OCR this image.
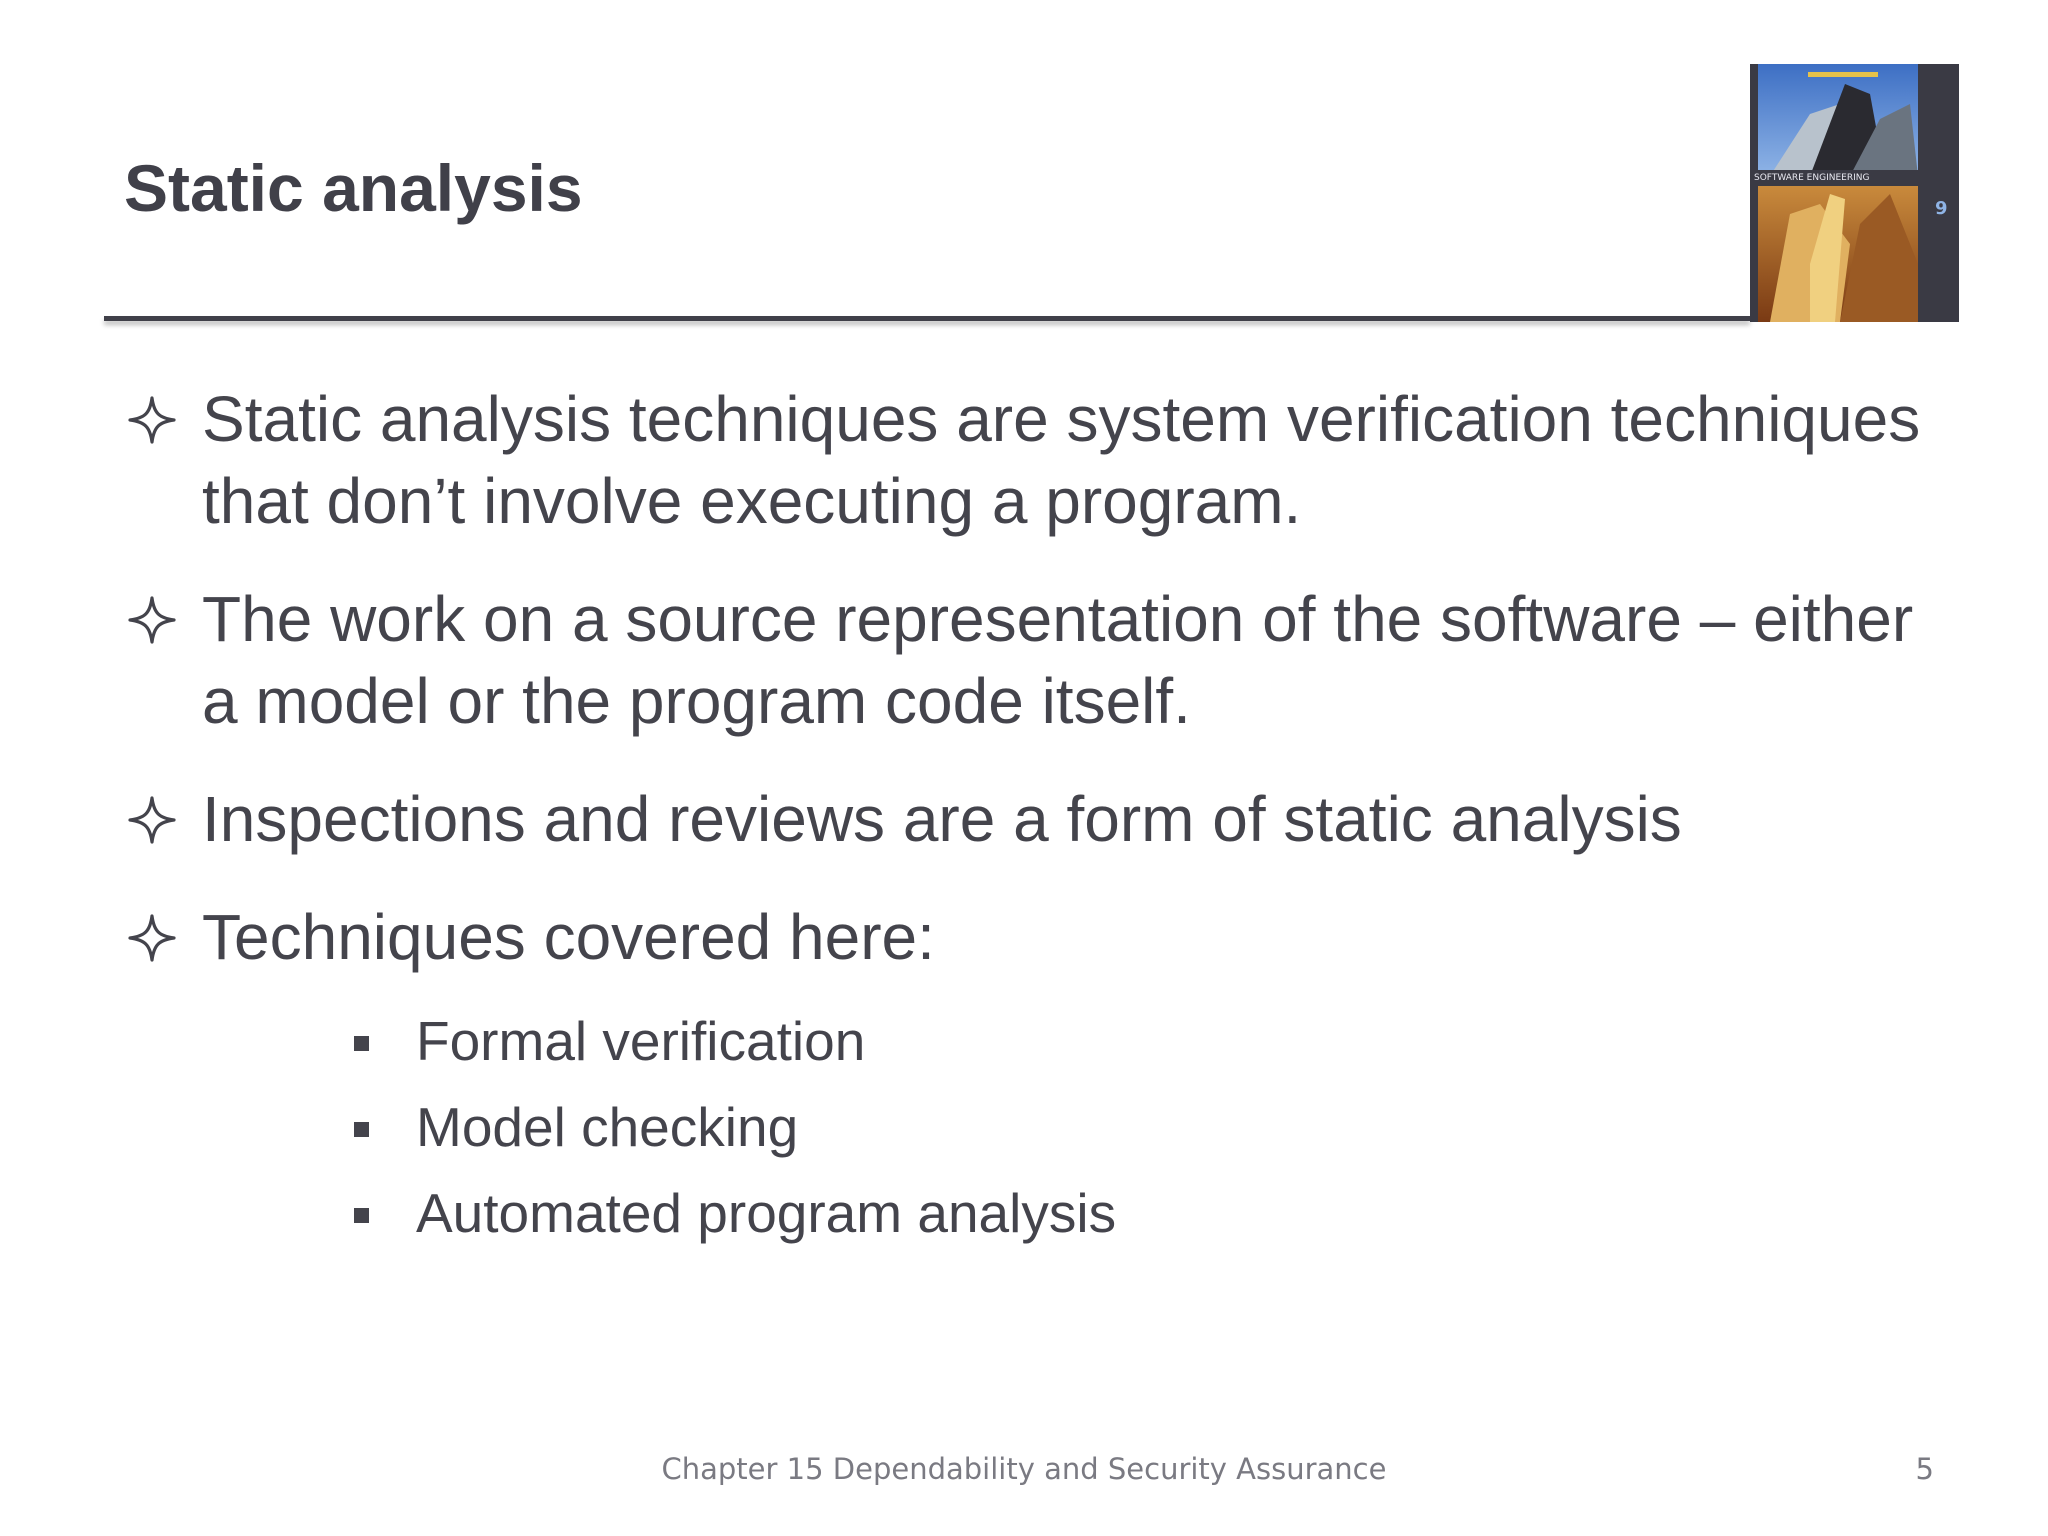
Static analysis	SOFTWARE ENGINEERING
9
Static analysis techniques are system verification techniques that don’t involve executing a program.
The work on a source representation of the software – either a model or the program code itself.
Inspections and reviews are a form of static analysis
Techniques covered here:
Formal verification
Model checking
Automated program analysis
Chapter 15 Dependability and Security Assurance	5
